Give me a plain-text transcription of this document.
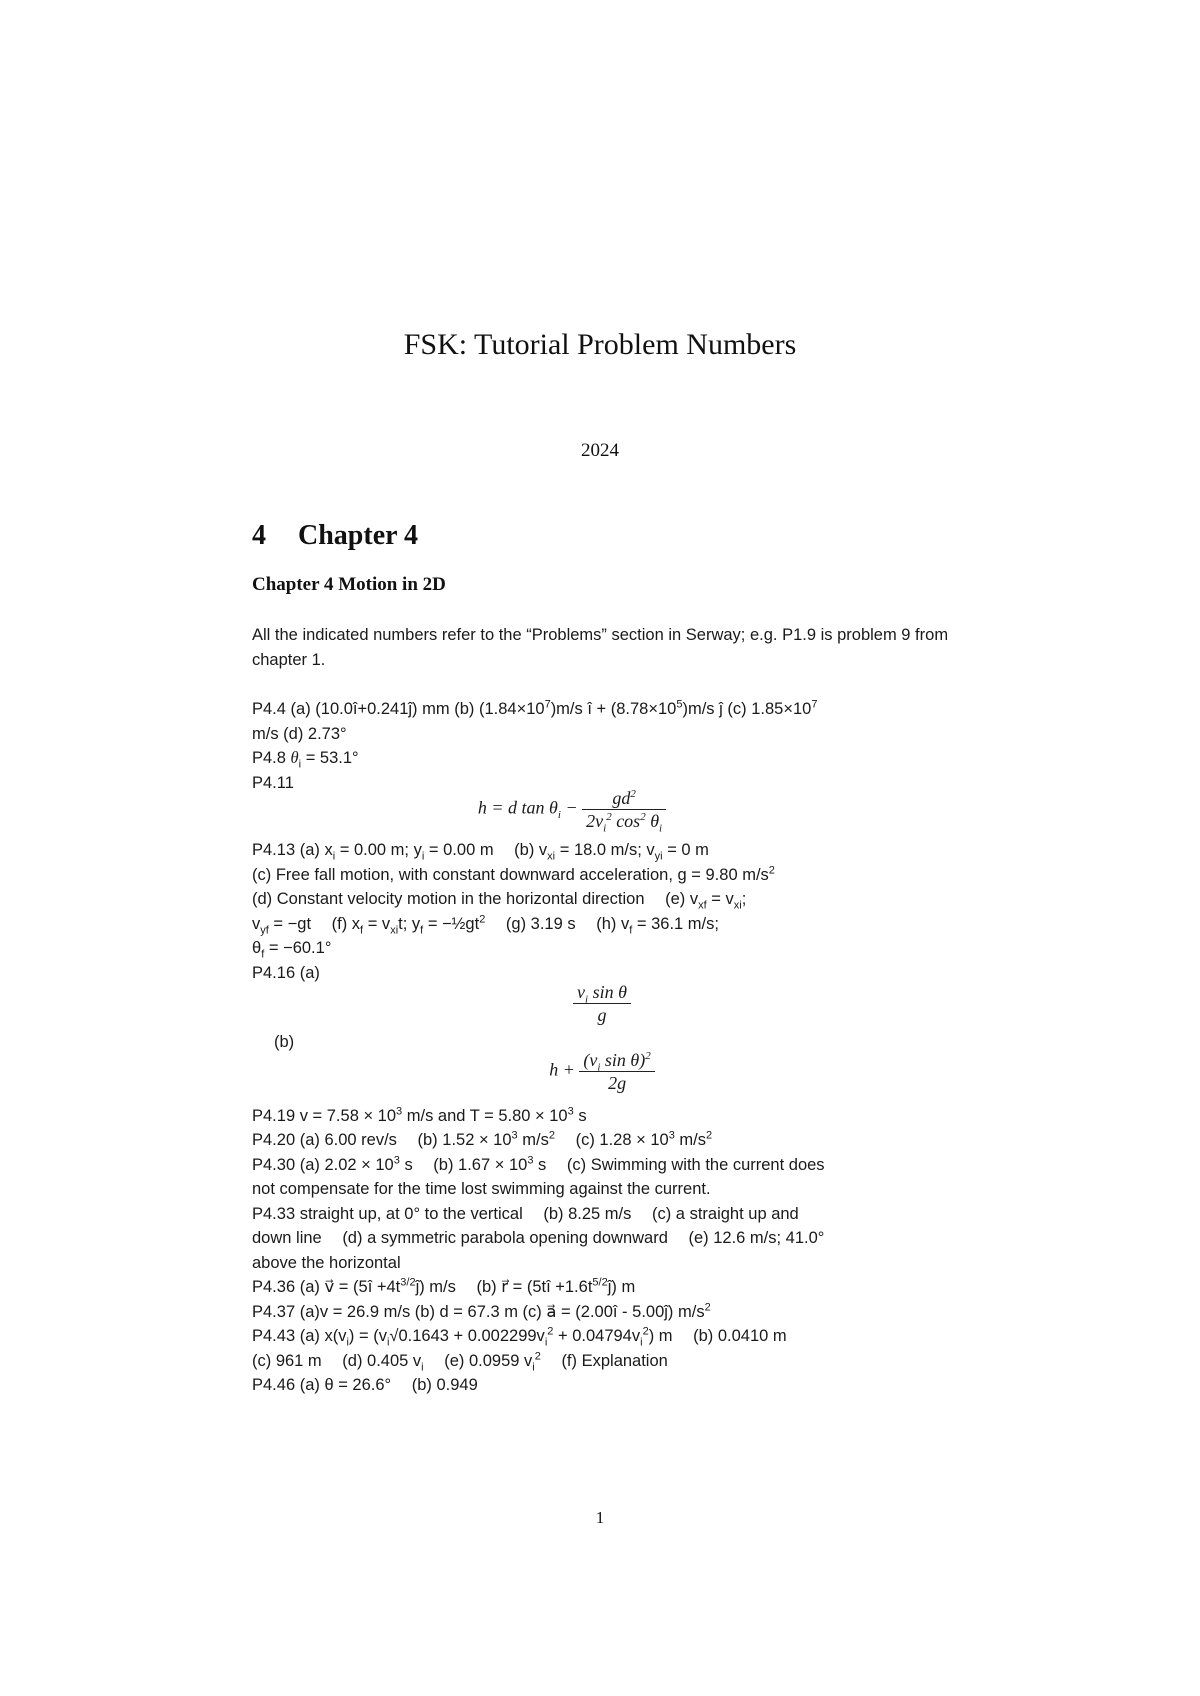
FSK: Tutorial Problem Numbers
2024
4 Chapter 4
Chapter 4 Motion in 2D
All the indicated numbers refer to the “Problems” section in Serway; e.g. P1.9 is problem 9 from chapter 1.
P4.4 (a) (10.0î+0.241ĵ) mm (b) $(1.84\times 10^7)m/s$ î + $(8.78\times 10^5)m/s$ ĵ (c) $1.85\times 10^7$
m/s (d) 2.73°
P4.8 $\theta_i = 53.1^\circ$
P4.11
h = d $\tan \theta_i - \frac{gd^2}{2v_i^2 \cos^2 \theta_i}$
P4.13 (a) $x_i = 0.00$ m; $y_i = 0.00$ m (b) $v_{xi} = 18.0$ m/s; $v_{yi} = 0$ m
(c) Free fall motion, with constant downward acceleration, g = 9.80 $m/s^2$
(d) Constant velocity motion in the horizontal direction (e) $v_{xf} = v_{xi}$;
$v_{yf} = -gt$ (f) $x_f = v_{xi}t$; $y_f$ = $-\frac{1}{2}gt^2$ (g) 3.19 s (h) $v_f = 36.1$ m/s;
$\theta_f = -60.1^\circ$
P4.16 (a)
$\frac{v_i \sin \theta}{g}$
(b)
$h + \frac{(v_i \sin \theta)^2}{2g}$
P4.19 $v = 7.58 \times 10^3$ m/s and $T = 5.80 \times 10^3$ s
P4.20 (a) 6.00 rev/s (b) $1.52 \times 10^3$ $m/s^2$ (c) $1.28 \times 10^3$ $m/s^2$
P4.30 (a) $2.02 \times 10^3$ s (b) $1.67 \times 10^3$ s (c) Swimming with the current does
not compensate for the time lost swimming against the current.
P4.33 straight up, at 0° to the vertical (b) 8.25 m/s (c) a straight up and
down line (d) a symmetric parabola opening downward (e) 12.6 m/s; 41.0°
above the horizontal
P4.36 (a) v⃗ = (5î $+4t^{3/2}ĵ$) m/s (b) r⃗ = (5tî $+1.6t^{5/2}ĵ$) m
P4.37 (a)v = 26.9 m/s (b) d = 67.3 m (c) a⃗ = (2.00î - 5.00ĵ) $m/s^2$
P4.43 (a) $x(v_i) = (v_i√0.1643 + 0.002299v_i^2 + 0.04794v_i^2)$ m (b) 0.0410 m
(c) 961 m (d) 0.405 $v_i$ (e) 0.0959 $v_i^2$ (f) Explanation
P4.46 (a) θ = 26.6° (b) 0.949
1
